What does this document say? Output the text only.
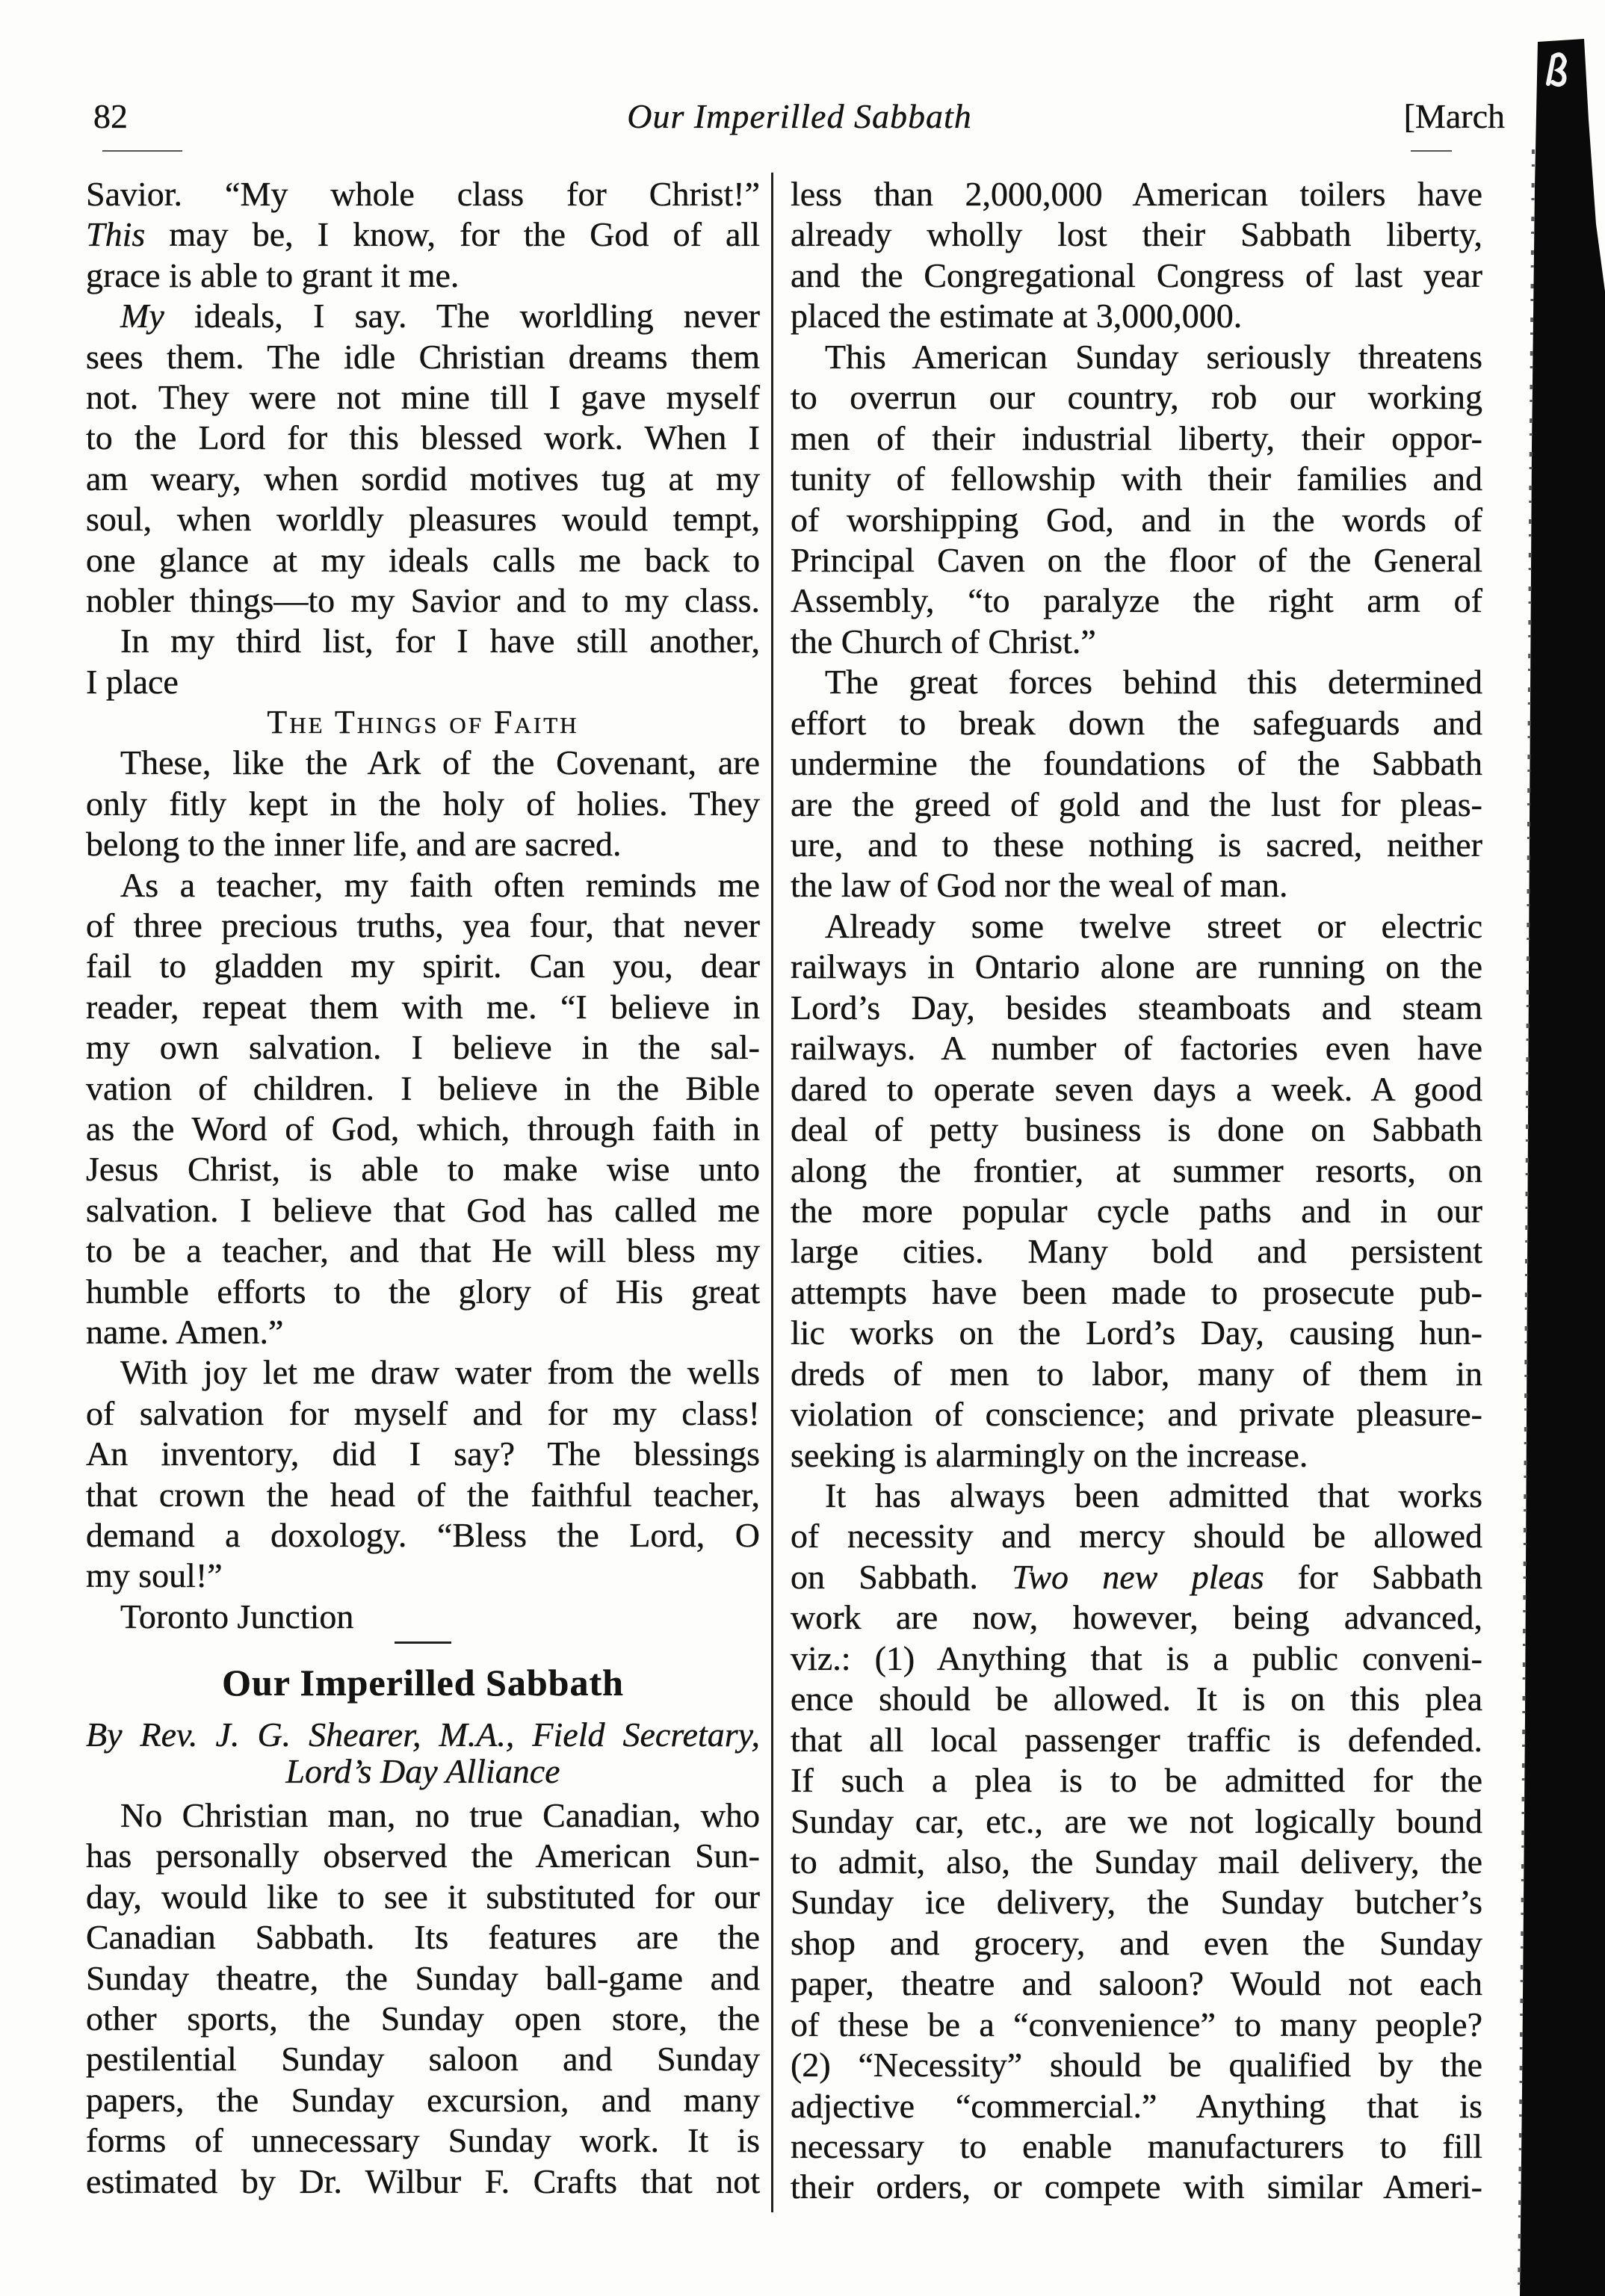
82	Our Imperilled Sabbath	[March
Savior. “My whole class for Christ!”
This may be, I know, for the God of all
grace is able to grant it me.
My ideals, I say. The worldling never
sees them. The idle Christian dreams them
not. They were not mine till I gave myself
to the Lord for this blessed work. When I
am weary, when sordid motives tug at my
soul, when worldly pleasures would tempt,
one glance at my ideals calls me back to
nobler things—to my Savior and to my class.
In my third list, for I have still another,
I place
The Things of Faith
These, like the Ark of the Covenant, are
only fitly kept in the holy of holies. They
belong to the inner life, and are sacred.
As a teacher, my faith often reminds me
of three precious truths, yea four, that never
fail to gladden my spirit. Can you, dear
reader, repeat them with me. “I believe in
my own salvation. I believe in the sal-
vation of children. I believe in the Bible
as the Word of God, which, through faith in
Jesus Christ, is able to make wise unto
salvation. I believe that God has called me
to be a teacher, and that He will bless my
humble efforts to the glory of His great
name. Amen.”
With joy let me draw water from the wells
of salvation for myself and for my class!
An inventory, did I say? The blessings
that crown the head of the faithful teacher,
demand a doxology. “Bless the Lord, O
my soul!”
Toronto Junction
Our Imperilled Sabbath
By Rev. J. G. Shearer, M.A., Field Secretary,
Lord’s Day Alliance
No Christian man, no true Canadian, who
has personally observed the American Sun-
day, would like to see it substituted for our
Canadian Sabbath. Its features are the
Sunday theatre, the Sunday ball-game and
other sports, the Sunday open store, the
pestilential Sunday saloon and Sunday
papers, the Sunday excursion, and many
forms of unnecessary Sunday work. It is
estimated by Dr. Wilbur F. Crafts that not
less than 2,000,000 American toilers have
already wholly lost their Sabbath liberty,
and the Congregational Congress of last year
placed the estimate at 3,000,000.
This American Sunday seriously threatens
to overrun our country, rob our working
men of their industrial liberty, their oppor-
tunity of fellowship with their families and
of worshipping God, and in the words of
Principal Caven on the floor of the General
Assembly, “to paralyze the right arm of
the Church of Christ.”
The great forces behind this determined
effort to break down the safeguards and
undermine the foundations of the Sabbath
are the greed of gold and the lust for pleas-
ure, and to these nothing is sacred, neither
the law of God nor the weal of man.
Already some twelve street or electric
railways in Ontario alone are running on the
Lord’s Day, besides steamboats and steam
railways. A number of factories even have
dared to operate seven days a week. A good
deal of petty business is done on Sabbath
along the frontier, at summer resorts, on
the more popular cycle paths and in our
large cities. Many bold and persistent
attempts have been made to prosecute pub-
lic works on the Lord’s Day, causing hun-
dreds of men to labor, many of them in
violation of conscience; and private pleasure-
seeking is alarmingly on the increase.
It has always been admitted that works
of necessity and mercy should be allowed
on Sabbath. Two new pleas for Sabbath
work are now, however, being advanced,
viz.: (1) Anything that is a public conveni-
ence should be allowed. It is on this plea
that all local passenger traffic is defended.
If such a plea is to be admitted for the
Sunday car, etc., are we not logically bound
to admit, also, the Sunday mail delivery, the
Sunday ice delivery, the Sunday butcher’s
shop and grocery, and even the Sunday
paper, theatre and saloon? Would not each
of these be a “convenience” to many people?
(2) “Necessity” should be qualified by the
adjective “commercial.” Anything that is
necessary to enable manufacturers to fill
their orders, or compete with similar Ameri-
